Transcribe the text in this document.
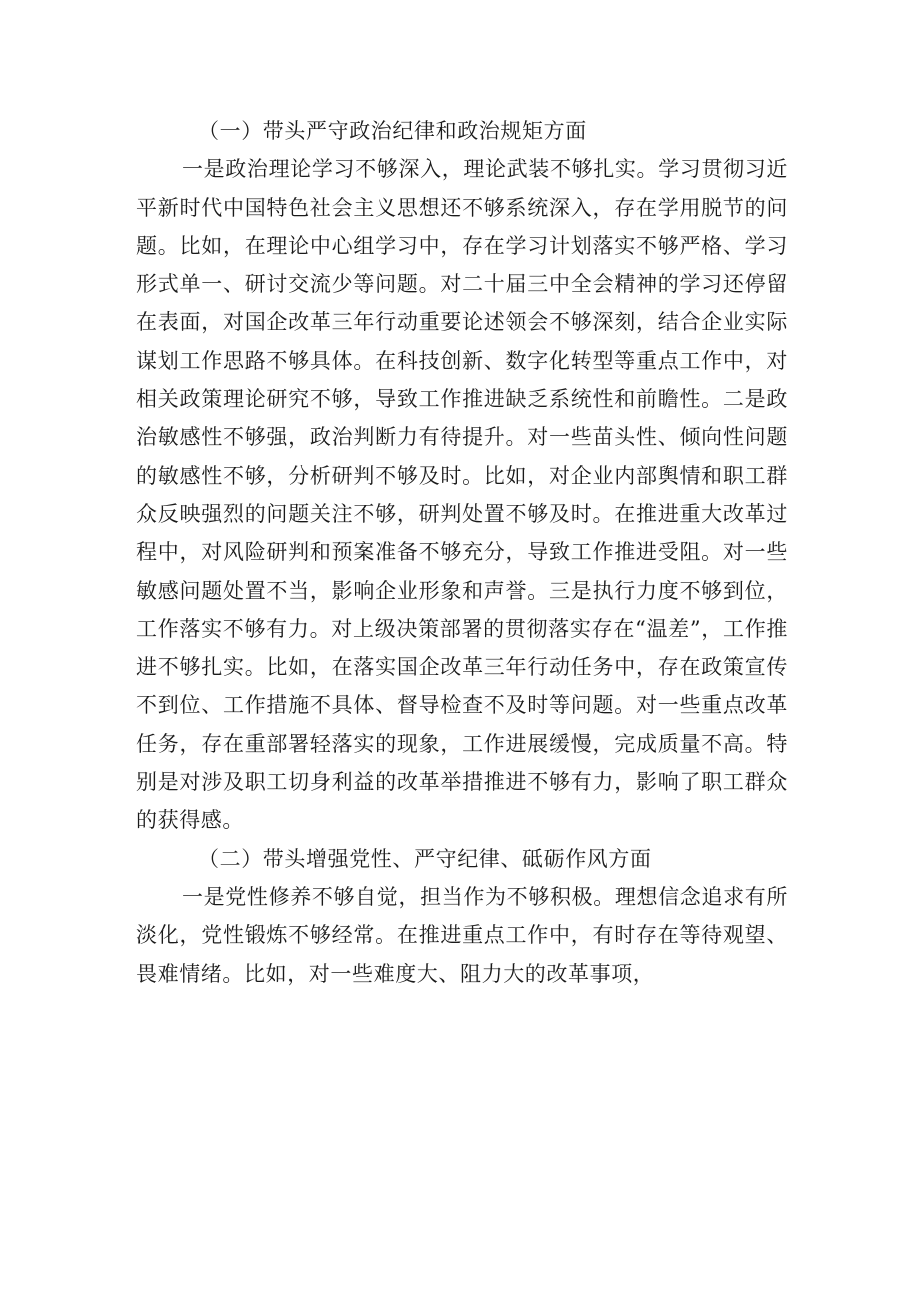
（一）带头严守政治纪律和政治规矩方面

一是政治理论学习不够深入，理论武装不够扎实。学习贯彻习近平新时代中国特色社会主义思想还不够系统深入，存在学用脱节的问题。比如，在理论中心组学习中，存在学习计划落实不够严格、学习形式单一、研讨交流少等问题。对二十届三中全会精神的学习还停留在表面，对国企改革三年行动重要论述领会不够深刻，结合企业实际谋划工作思路不够具体。在科技创新、数字化转型等重点工作中，对相关政策理论研究不够，导致工作推进缺乏系统性和前瞻性。二是政治敏感性不够强，政治判断力有待提升。对一些苗头性、倾向性问题的敏感性不够，分析研判不够及时。比如，对企业内部舆情和职工群众反映强烈的问题关注不够，研判处置不够及时。在推进重大改革过程中，对风险研判和预案准备不够充分，导致工作推进受阻。对一些敏感问题处置不当，影响企业形象和声誉。三是执行力度不够到位，工作落实不够有力。对上级决策部署的贯彻落实存在“温差”，工作推进不够扎实。比如，在落实国企改革三年行动任务中，存在政策宣传不到位、工作措施不具体、督导检查不及时等问题。对一些重点改革任务，存在重部署轻落实的现象，工作进展缓慢，完成质量不高。特别是对涉及职工切身利益的改革举措推进不够有力，影响了职工群众的获得感。

（二）带头增强党性、严守纪律、砥砺作风方面

一是党性修养不够自觉，担当作为不够积极。理想信念追求有所淡化，党性锻炼不够经常。在推进重点工作中，有时存在等待观望、畏难情绪。比如，对一些难度大、阻力大的改革事项，
